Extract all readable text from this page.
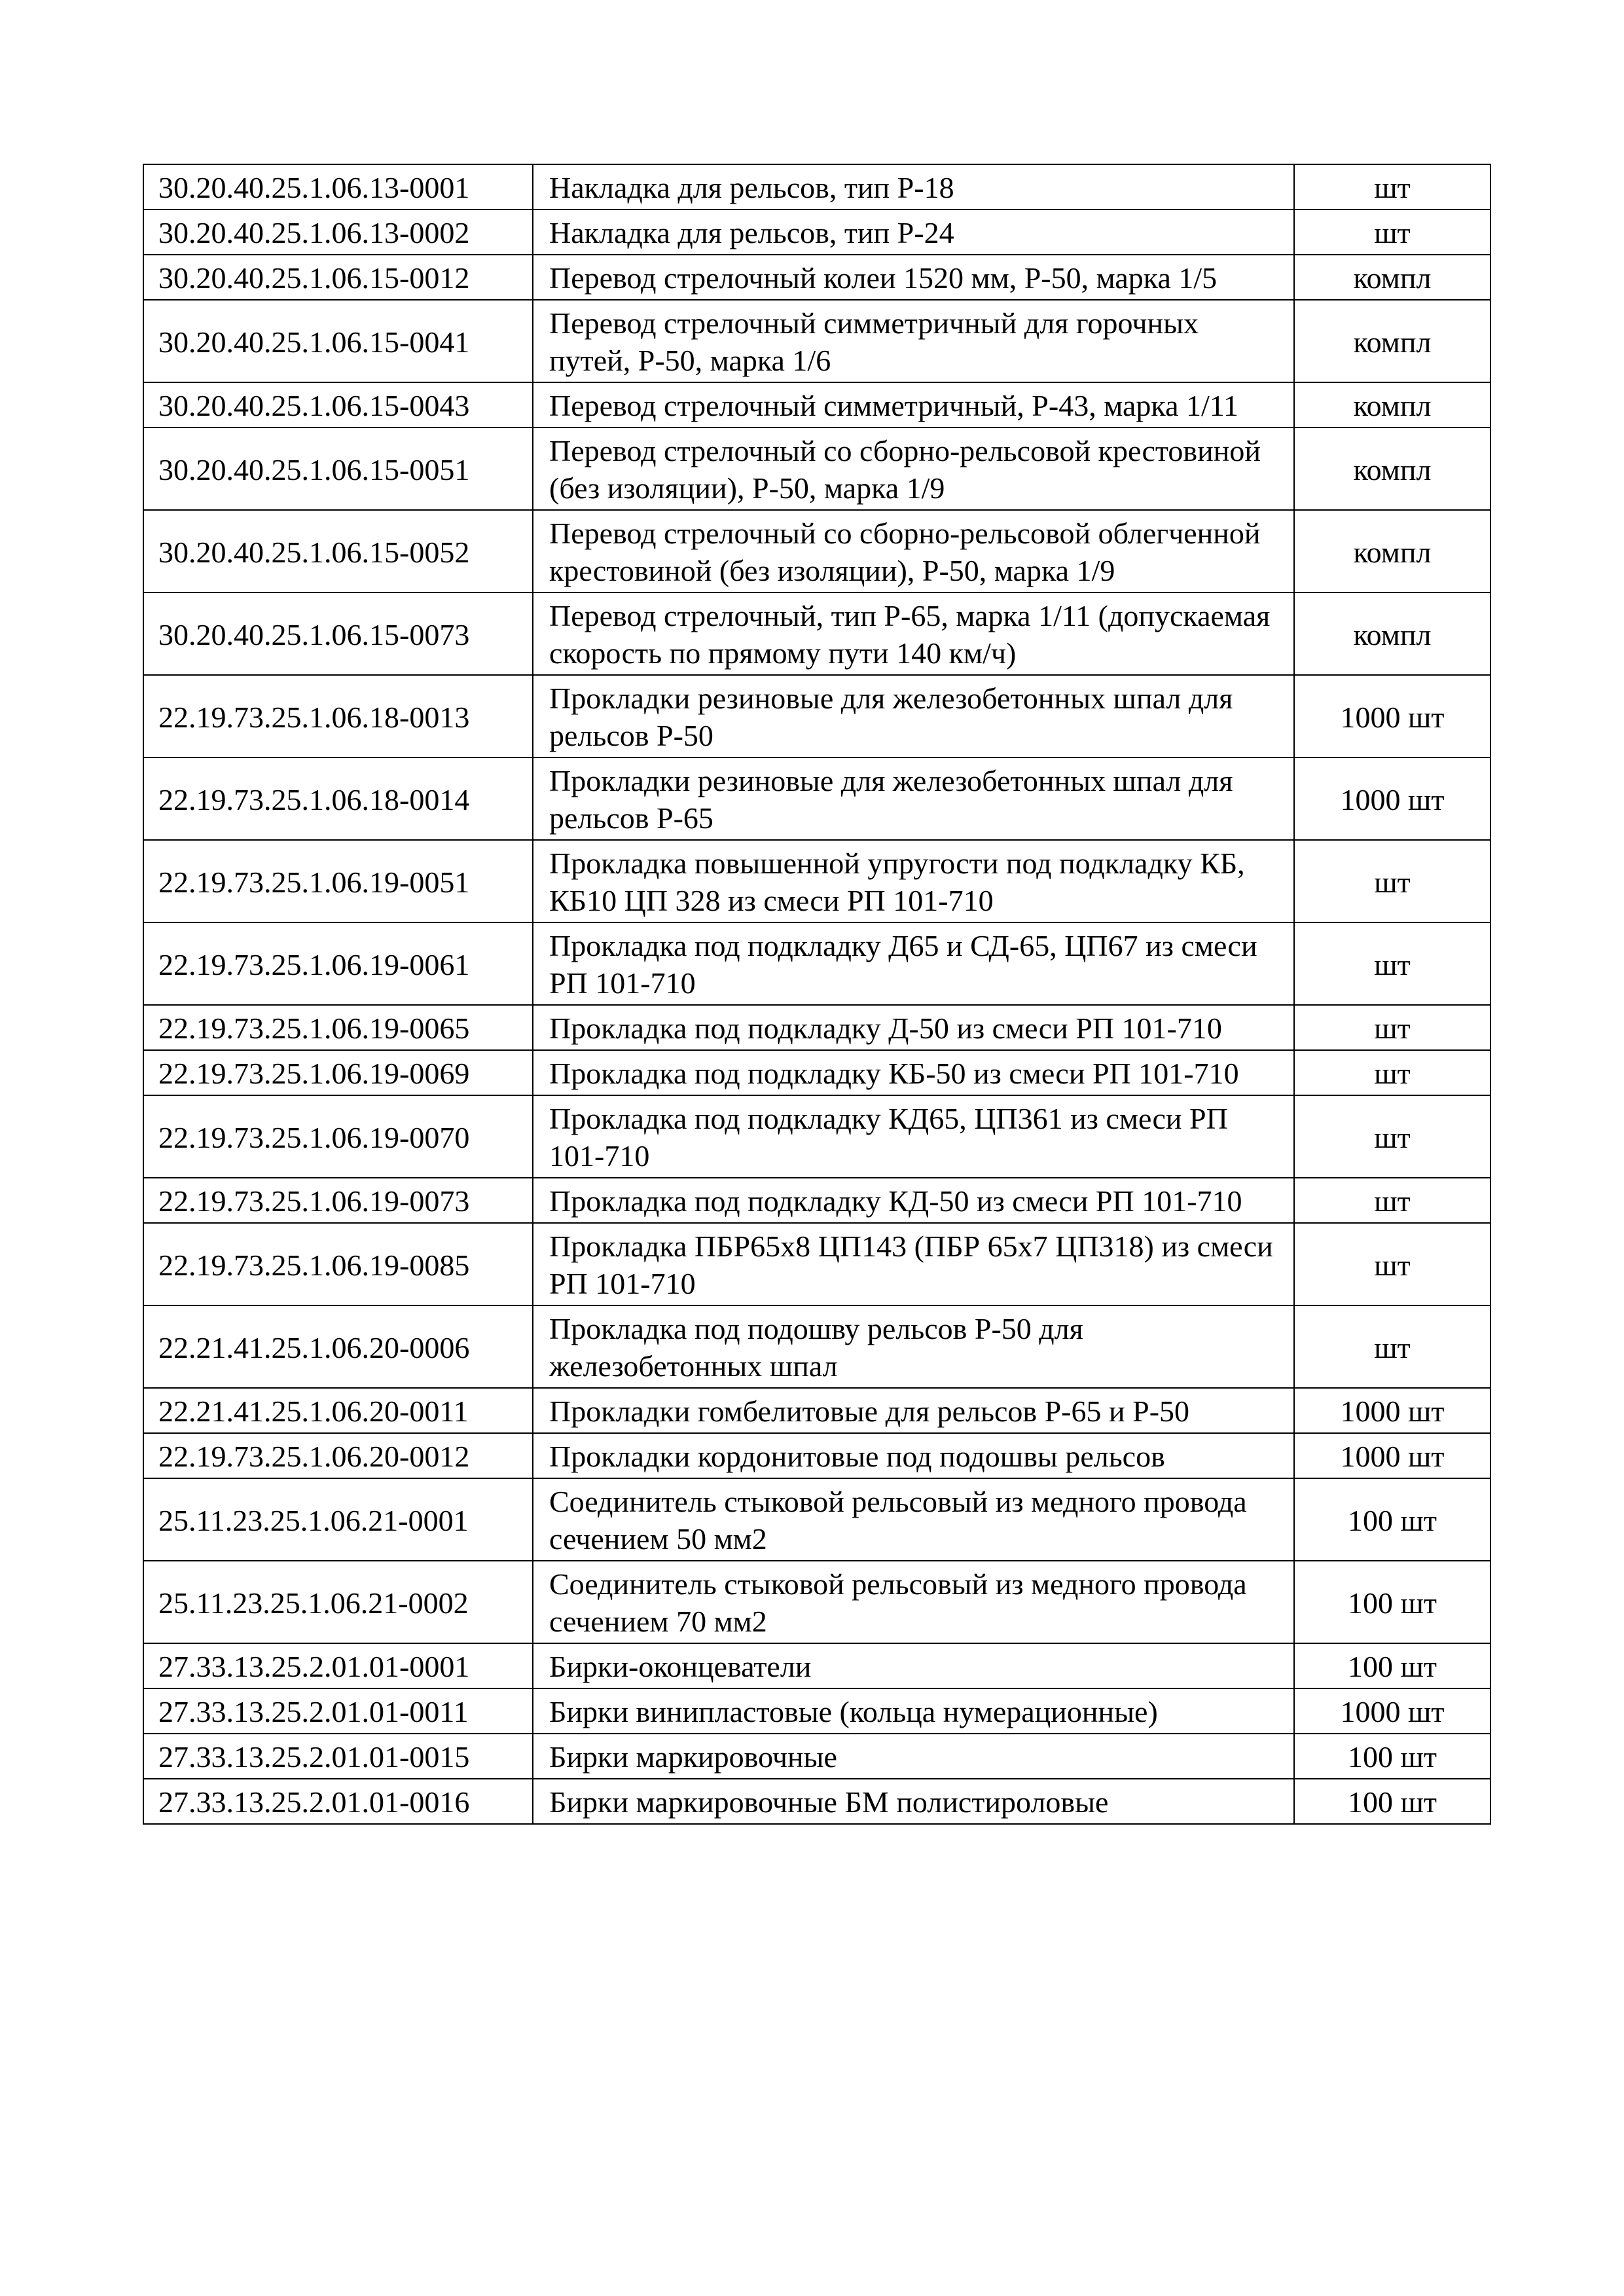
30.20.40.25.1.06.13-0001	Накладка для рельсов, тип Р-18	шт
30.20.40.25.1.06.13-0002	Накладка для рельсов, тип Р-24	шт
30.20.40.25.1.06.15-0012	Перевод стрелочный колеи 1520 мм, Р-50, марка 1/5	компл
30.20.40.25.1.06.15-0041	Перевод стрелочный симметричный для горочных путей, Р-50, марка 1/6	компл
30.20.40.25.1.06.15-0043	Перевод стрелочный симметричный, Р-43, марка 1/11	компл
30.20.40.25.1.06.15-0051	Перевод стрелочный со сборно-рельсовой крестовиной (без изоляции), Р-50, марка 1/9	компл
30.20.40.25.1.06.15-0052	Перевод стрелочный со сборно-рельсовой облегченной крестовиной (без изоляции), Р-50, марка 1/9	компл
30.20.40.25.1.06.15-0073	Перевод стрелочный, тип Р-65, марка 1/11 (допускаемая скорость по прямому пути 140 км/ч)	компл
22.19.73.25.1.06.18-0013	Прокладки резиновые для железобетонных шпал для рельсов Р-50	1000 шт
22.19.73.25.1.06.18-0014	Прокладки резиновые для железобетонных шпал для рельсов Р-65	1000 шт
22.19.73.25.1.06.19-0051	Прокладка повышенной упругости под подкладку КБ, КБ10 ЦП 328 из смеси РП 101-710	шт
22.19.73.25.1.06.19-0061	Прокладка под подкладку Д65 и СД-65, ЦП67 из смеси РП 101-710	шт
22.19.73.25.1.06.19-0065	Прокладка под подкладку Д-50 из смеси РП 101-710	шт
22.19.73.25.1.06.19-0069	Прокладка под подкладку КБ-50 из смеси РП 101-710	шт
22.19.73.25.1.06.19-0070	Прокладка под подкладку КД65, ЦП361 из смеси РП 101-710	шт
22.19.73.25.1.06.19-0073	Прокладка под подкладку КД-50 из смеси РП 101-710	шт
22.19.73.25.1.06.19-0085	Прокладка ПБР65х8 ЦП143 (ПБР 65х7 ЦП318) из смеси РП 101-710	шт
22.21.41.25.1.06.20-0006	Прокладка под подошву рельсов Р-50 для железобетонных шпал	шт
22.21.41.25.1.06.20-0011	Прокладки гомбелитовые для рельсов Р-65 и Р-50	1000 шт
22.19.73.25.1.06.20-0012	Прокладки кордонитовые под подошвы рельсов	1000 шт
25.11.23.25.1.06.21-0001	Соединитель стыковой рельсовый из медного провода сечением 50 мм2	100 шт
25.11.23.25.1.06.21-0002	Соединитель стыковой рельсовый из медного провода сечением 70 мм2	100 шт
27.33.13.25.2.01.01-0001	Бирки-оконцеватели	100 шт
27.33.13.25.2.01.01-0011	Бирки винипластовые (кольца нумерационные)	1000 шт
27.33.13.25.2.01.01-0015	Бирки маркировочные	100 шт
27.33.13.25.2.01.01-0016	Бирки маркировочные БМ полистироловые	100 шт
